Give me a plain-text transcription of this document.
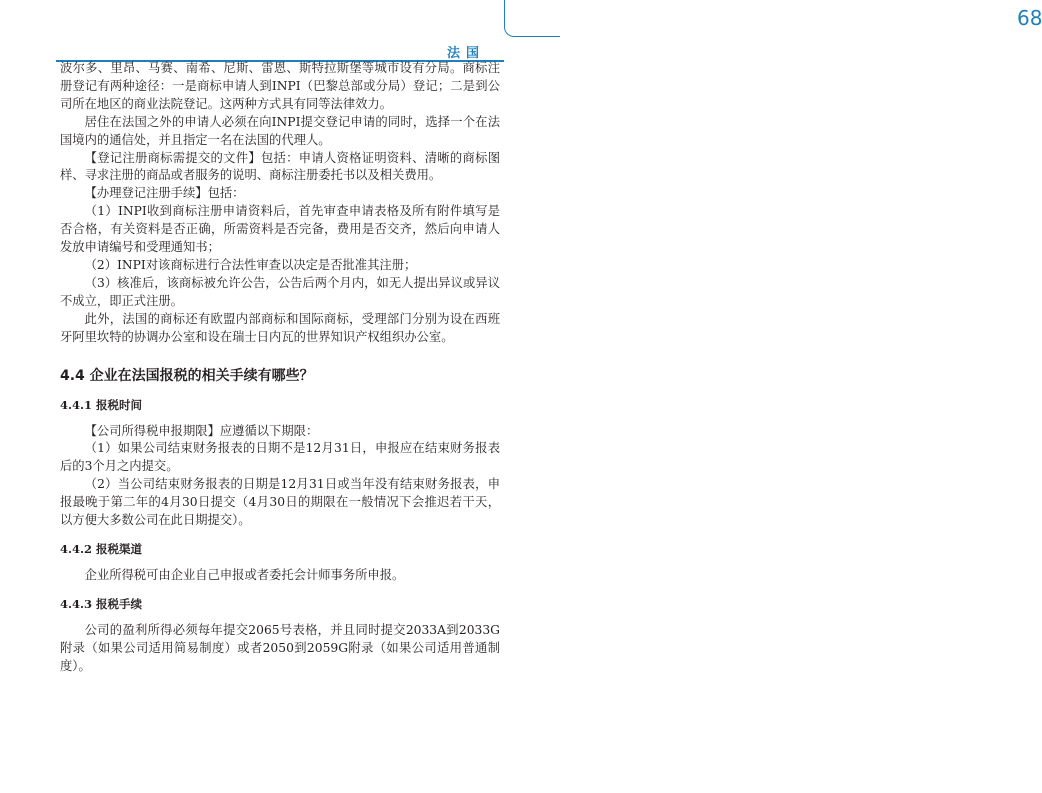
法国
68

波尔多、里昂、马赛、南希、尼斯、雷恩、斯特拉斯堡等城市设有分局。商标注册登记有两种途径：一是商标申请人到INPI（巴黎总部或分局）登记；二是到公司所在地区的商业法院登记。这两种方式具有同等法律效力。

居住在法国之外的申请人必须在向INPI提交登记申请的同时，选择一个在法国境内的通信处，并且指定一名在法国的代理人。

【登记注册商标需提交的文件】包括：申请人资格证明资料、清晰的商标图样、寻求注册的商品或者服务的说明、商标注册委托书以及相关费用。

【办理登记注册手续】包括：

（1）INPI收到商标注册申请资料后，首先审查申请表格及所有附件填写是否合格，有关资料是否正确，所需资料是否完备，费用是否交齐，然后向申请人发放申请编号和受理通知书；

（2）INPI对该商标进行合法性审查以决定是否批准其注册；

（3）核准后，该商标被允许公告，公告后两个月内，如无人提出异议或异议不成立，即正式注册。

此外，法国的商标还有欧盟内部商标和国际商标，受理部门分别为设在西班牙阿里坎特的协调办公室和设在瑞士日内瓦的世界知识产权组织办公室。

4.4 企业在法国报税的相关手续有哪些？
4.4.1 报税时间

【公司所得税申报期限】应遵循以下期限：

（1）如果公司结束财务报表的日期不是12月31日，申报应在结束财务报表后的3个月之内提交。

（2）当公司结束财务报表的日期是12月31日或当年没有结束财务报表，申报最晚于第二年的4月30日提交（4月30日的期限在一般情况下会推迟若干天，以方便大多数公司在此日期提交）。

4.4.2 报税渠道

企业所得税可由企业自己申报或者委托会计师事务所申报。

4.4.3 报税手续

公司的盈利所得必须每年提交2065号表格，并且同时提交2033A到2033G附录（如果公司适用简易制度）或者2050到2059G附录（如果公司适用普通制度）。
